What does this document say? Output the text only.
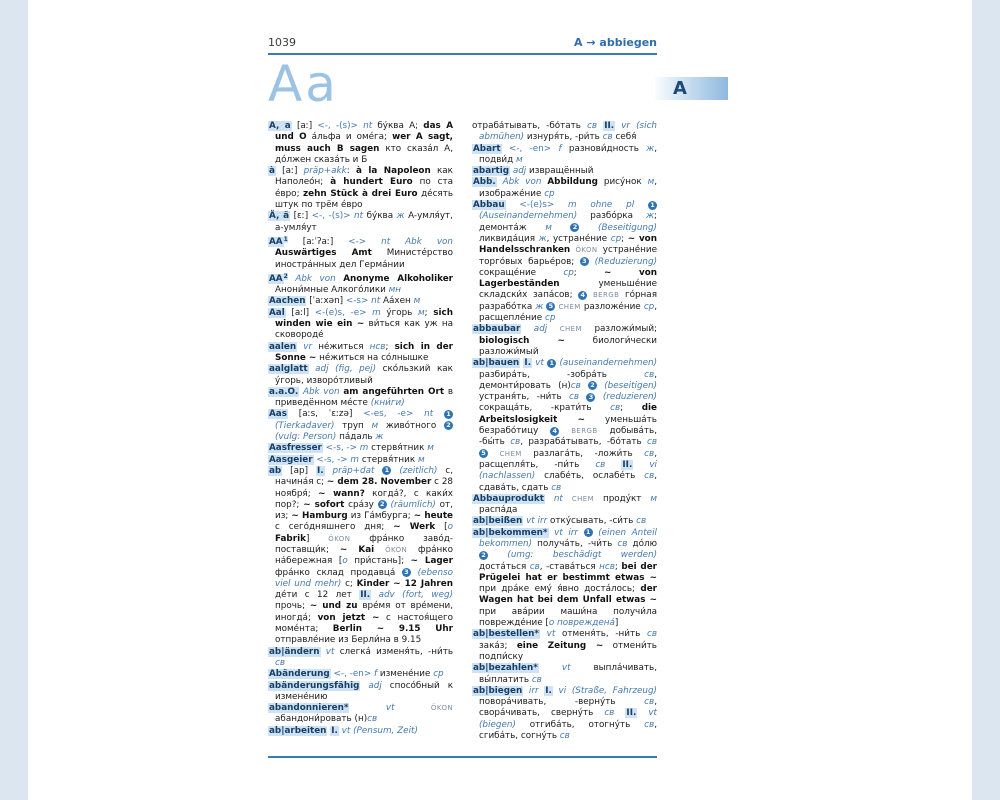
A
1039	A → abbiegen
Aa

A, a [aː] <-, -(s)> nt бу́ква A; das A und O а́льфа и оме́га; wer A sagt, muss auch B sagen кто сказа́л A, до́лжен сказа́ть и Б

à [aː] präp+akk: à la Napoleon как Наполео́н; à hundert Euro по ста е́вро; zehn Stück à drei Euro де́сять штук по трём е́вро

Ä, ä [ɛː] <-, -(s)> nt бу́ква ж A-умля́ут, а-умля́ут

$AA^1$ [aːˈʔaː] <-> nt Abk von Auswärtiges Amt Министе́рство иностра́нных дел Герма́нии

$AA^2$ Abk von Anonyme Alkoholiker Анони́мные Алкого́лики мн

Aachen [ˈaːxən] <-s> nt Аа́хен м

Aal [aːl] <-(e)s, -e> m у́горь м; sich winden wie ein ~ ви́ться как уж на сковороде́

aalen vr не́житься нсв; sich in der Sonne ~ не́житься на со́лнышке

aalglatt adj (fig, pej) ско́льзкий как у́горь, изворо́тливый

a.a.O. Abk von am angeführten Ort в приведённом ме́сте (кни́ги)

Aas [aːs, ˈɛːzə] <-es, -e> nt 1 (Tierkadaver) труп м живо́тного 2 (vulg: Person) па́даль ж

Aasfresser <-s, -> m стервя́тник м

Aasgeier <-s, -> m стервя́тник м

ab [ap] I. präp+dat 1 (zeitlich) с, начина́я с; ~ dem 28. November с 28 ноября́; ~ wann? когда́?, с каки́х пор?; ~ sofort сра́зу 2 (räumlich) от, из; ~ Hamburg из Га́мбурга; ~ heute с сего́дняшнего дня; ~ Werk [o Fabrik] ÖKON фра́нко заво́д-поставщи́к; ~ Kai ÖKON фра́нко на́бережная [о при́стань]; ~ Lager фра́нко склад продавца́ 3 (ebenso viel und mehr) с; Kinder ~ 12 Jahren де́ти с 12 лет II. adv (fort, weg) прочь; ~ und zu вре́мя от вре́мени, иногда́; von jetzt ~ с настоя́щего моме́нта; Berlin ~ 9.15 Uhr отправле́ние из Берли́на в 9.15

ab|ändern vt слегка́ изменя́ть, -ни́ть св

Abänderung <-, -en> f измене́ние ср

abänderungsfähig adj спосо́бный к измене́нию

abandonnieren* vt ÖKON абандони́ровать (н)св

ab|arbeiten I. vt (Pensum, Zeit)

отраба́тывать, -бо́тать св II. vr (sich abmühen) изнуря́ть, -ри́ть св себя́

Abart <-, -en> f разнови́дность ж, подви́д м

abartig adj извращённый

Abb. Abk von Abbildung рису́нок м, изображе́ние ср

Abbau <-(e)s> m ohne pl 1 (Auseinandernehmen) разбо́рка ж; демонта́ж м	2 (Beseitigung) ликвида́ция ж, устране́ние ср; ~ von Handelsschranken ÖKON устране́ние торго́вых барье́ров; 3 (Reduzierung) сокраще́ние ср; ~ von Lagerbeständen уменьше́ние складски́х запа́сов; 4 BERGB го́рная разрабо́тка ж 5 CHEM разложе́ние ср, расщепле́ние ср

abbaubar adj CHEM разложи́мый; biologisch ~ биологи́чески разложи́мый

ab|bauen I. vt 1 (auseinandernehmen) разбира́ть, -зобра́ть св, демонти́ровать (н)св 2 (beseitigen) устраня́ть, -ни́ть св 3 (reduzieren) сокраща́ть, -крати́ть св; die Arbeitslosigkeit ~ уменьша́ть безрабо́тицу 4 BERGB добыва́ть, -бы́ть св, разраба́тывать, -бо́тать св 5 CHEM разлага́ть, -ложи́ть св, расщепля́ть, -пи́ть св II. vi (nachlassen) слабе́ть, ослабе́ть св, сдава́ть, сдать св

Abbauprodukt nt CHEM проду́кт м распа́да

ab|beißen vt irr отку́сывать, -си́ть св

ab|bekommen* vt irr 1 (einen Anteil bekommen) получа́ть, -чи́ть св до́лю 2 (umg: beschädigt werden) доста́ться св, -става́ться нсв; bei der Prügelei hat er bestimmt etwas ~ при дра́ке ему́ я́вно доста́лось; der Wagen hat bei dem Unfall etwas ~ при ава́рии маши́на получи́ла поврежде́ние [о повреждена́]

ab|bestellen* vt отменя́ть, -ни́ть св зака́з; eine Zeitung ~ отмени́ть подпи́ску

ab|bezahlen* vt выпла́чивать, вы́платить св

ab|biegen irr I. vi (Straße, Fahrzeug) повора́чивать, -верну́ть св, свора́чивать, сверну́ть св II. vt (biegen) отгиба́ть, отогну́ть св, сгиба́ть, согну́ть св
